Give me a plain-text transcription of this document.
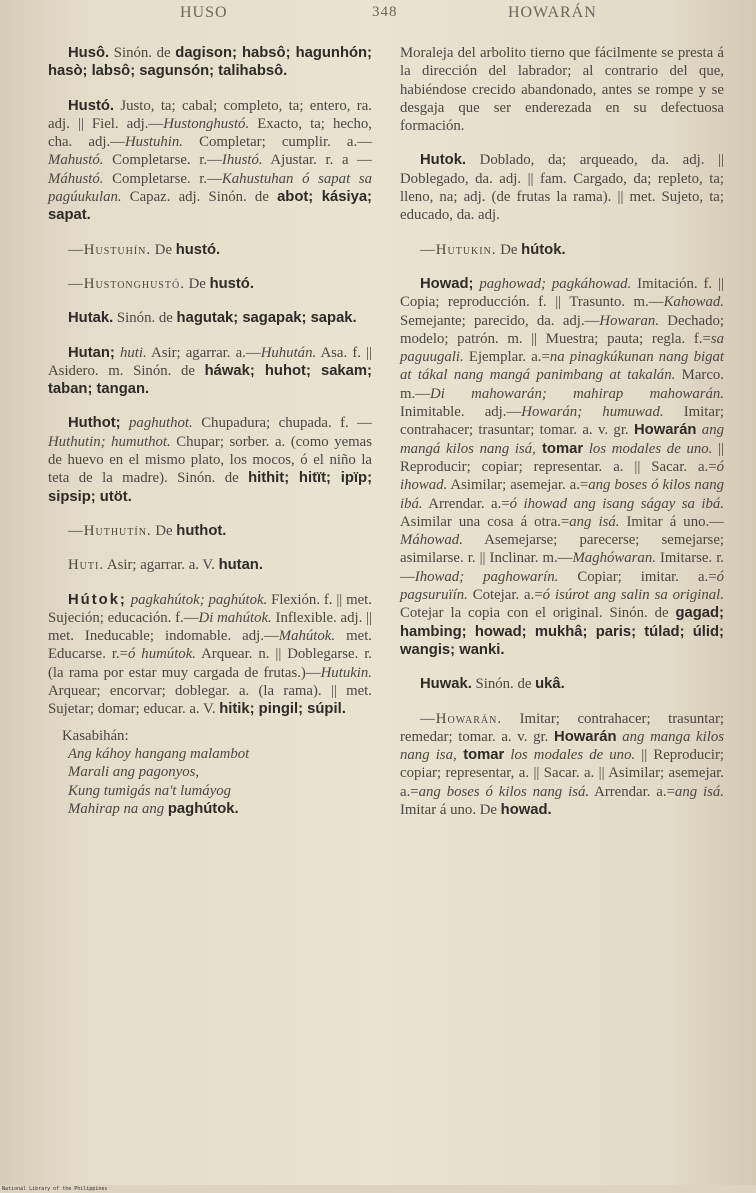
HUSO	348	HOWARÁN

Husô. Sinón. de dagison; habsô; hagunhón; hasò; labsô; sagunsón; talihabsô.

Hustó. Justo, ta; cabal; completo, ta; entero, ra. adj. || Fiel. adj.—Hustonghustó. Exacto, ta; hecho, cha. adj.—Hustuhin. Completar; cumplir. a.—Mahustó. Completarse. r.—Ihustó. Ajustar. r. a —Máhustó. Completarse. r.—Kahustuhan ó sapat sa pagúukulan. Capaz. adj. Sinón. de abot; kásiya; sapat.

—Hustuhín. De hustó.

—Hustonghustó. De hustó.

Hutak. Sinón. de hagutak; sagapak; sapak.

Hutan; huti. Asir; agarrar. a.—Huhután. Asa. f. || Asidero. m. Sinón. de háwak; huhot; sakam; taban; tangan.

Huthot; paghuthot. Chupadura; chupada. f. — Huthutin; humuthot. Chupar; sorber. a. (como yemas de huevo en el mismo plato, los mocos, ó el niño la teta de la madre). Sinón. de hithit; hitït; ipïp; sipsip; utöt.

—Huthutín. De huthot.

Huti. Asir; agarrar. a. V. hutan.

Hútok; pagkahútok; paghútok. Flexión. f. || met. Sujeción; educación. f.—Di mahútok. Inflexible. adj. || met. Ineducable; indomable. adj.—Mahútok. met. Educarse. r.=ó humútok. Arquear. n. || Doblegarse. r. (la rama por estar muy cargada de frutas.)—Hutukin. Arquear; encorvar; doblegar. a. (la rama). || met. Sujetar; domar; educar. a. V. hitik; pingil; súpil.

Kasabihán:
Ang káhoy hangang malambot
Marali ang pagonyos,
Kung tumigás na't lumáyog
Mahirap na ang paghútok.

Moraleja del arbolito tierno que fácilmente se presta á la dirección del labrador; al contrario del que, habiéndose crecido abandonado, antes se rompe y se desgaja que ser enderezada en su defectuosa formación.

Hutok. Doblado, da; arqueado, da. adj. || Doblegado, da. adj. || fam. Cargado, da; repleto, ta; lleno, na; adj. (de frutas la rama). || met. Sujeto, ta; educado, da. adj.

—Hutukin. De hútok.

Howad; paghowad; pagkáhowad. Imitación. f. || Copia; reproducción. f. || Trasunto. m.—Kahowad. Semejante; parecido, da. adj.—Howaran. Dechado; modelo; patrón. m. || Muestra; pauta; regla. f.=sa paguugali. Ejemplar. a.=na pinagkúkunan nang bigat at tákal nang mangá panimbang at takalán. Marco. m.—Di mahowarán; mahirap mahowarán. Inimitable. adj.—Howarán; humuwad. Imitar; contrahacer; trasuntar; tomar. a. v. gr. Howarán ang mangá kilos nang isá, tomar los modales de uno. || Reproducir; copiar; representar. a. || Sacar. a.=ó ihowad. Asimilar; asemejar. a.=ang boses ó kilos nang ibá. Arrendar. a.=ó ihowad ang isang ságay sa ibá. Asimilar una cosa á otra.=ang isá. Imitar á uno.—Máhowad. Asemejarse; parecerse; semejarse; asimilarse. r. || Inclinar. m.—Maghówaran. Imitarse. r.—Ihowad; paghowarín. Copiar; imitar. a.=ó pagsuruïín. Cotejar. a.=ó isúrot ang salin sa original. Cotejar la copia con el original. Sinón. de gagad; hambing; howad; mukhâ; paris; túlad; úlid; wangis; wanki.

Huwak. Sinón. de ukâ.

—Howarán. Imitar; contrahacer; trasuntar; remedar; tomar. a. v. gr. Howarán ang manga kilos nang isa, tomar los modales de uno. || Reproducir; copiar; representar, a. || Sacar. a. || Asimilar; asemejar. a.=ang boses ó kilos nang isá. Arrendar. a.=ang isá. Imitar á uno. De howad.

National Library of the Philippines
